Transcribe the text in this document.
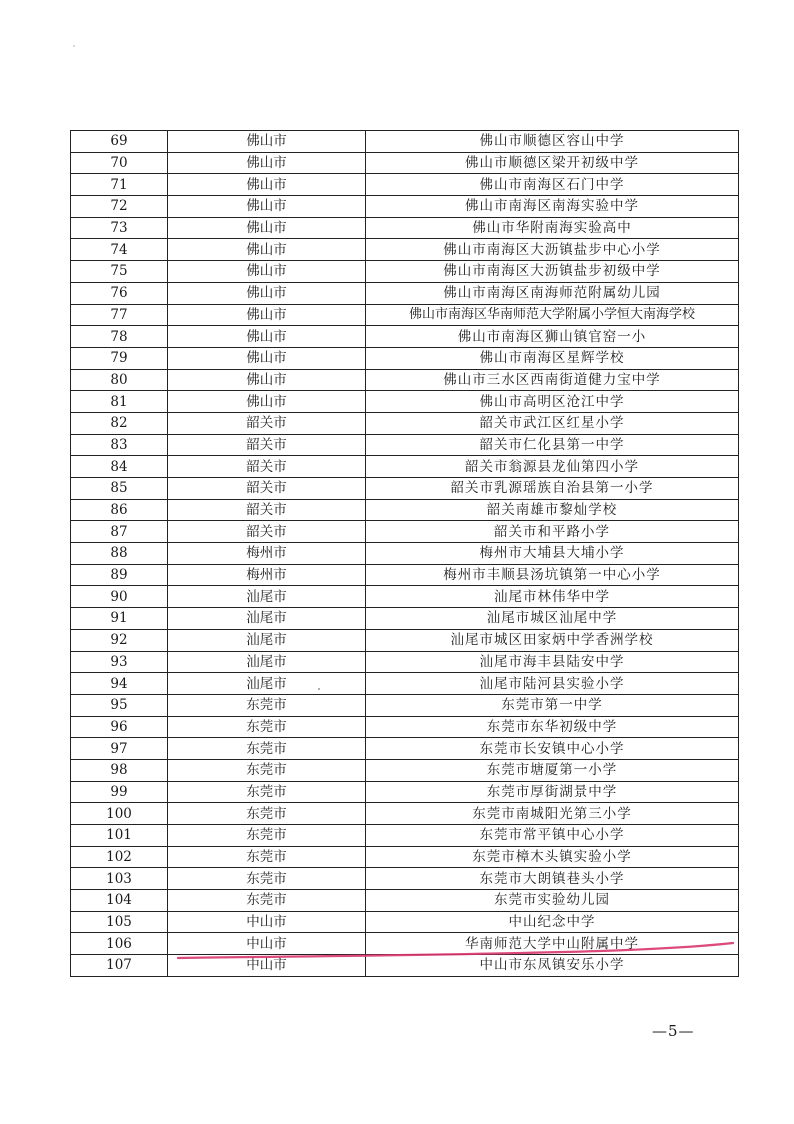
69	佛山市	佛山市顺德区容山中学
70	佛山市	佛山市顺德区梁开初级中学
71	佛山市	佛山市南海区石门中学
72	佛山市	佛山市南海区南海实验中学
73	佛山市	佛山市华附南海实验高中
74	佛山市	佛山市南海区大沥镇盐步中心小学
75	佛山市	佛山市南海区大沥镇盐步初级中学
76	佛山市	佛山市南海区南海师范附属幼儿园
77	佛山市	佛山市南海区华南师范大学附属小学恒大南海学校
78	佛山市	佛山市南海区狮山镇官窑一小
79	佛山市	佛山市南海区星辉学校
80	佛山市	佛山市三水区西南街道健力宝中学
81	佛山市	佛山市高明区沧江中学
82	韶关市	韶关市武江区红星小学
83	韶关市	韶关市仁化县第一中学
84	韶关市	韶关市翁源县龙仙第四小学
85	韶关市	韶关市乳源瑶族自治县第一小学
86	韶关市	韶关南雄市黎灿学校
87	韶关市	韶关市和平路小学
88	梅州市	梅州市大埔县大埔小学
89	梅州市	梅州市丰顺县汤坑镇第一中心小学
90	汕尾市	汕尾市林伟华中学
91	汕尾市	汕尾市城区汕尾中学
92	汕尾市	汕尾市城区田家炳中学香洲学校
93	汕尾市	汕尾市海丰县陆安中学
94	汕尾市	汕尾市陆河县实验小学
95	东莞市	东莞市第一中学
96	东莞市	东莞市东华初级中学
97	东莞市	东莞市长安镇中心小学
98	东莞市	东莞市塘厦第一小学
99	东莞市	东莞市厚街湖景中学
100	东莞市	东莞市南城阳光第三小学
101	东莞市	东莞市常平镇中心小学
102	东莞市	东莞市樟木头镇实验小学
103	东莞市	东莞市大朗镇巷头小学
104	东莞市	东莞市实验幼儿园
105	中山市	中山纪念中学
106	中山市	华南师范大学中山附属中学
107	中山市	中山市东凤镇安乐小学
—5—
